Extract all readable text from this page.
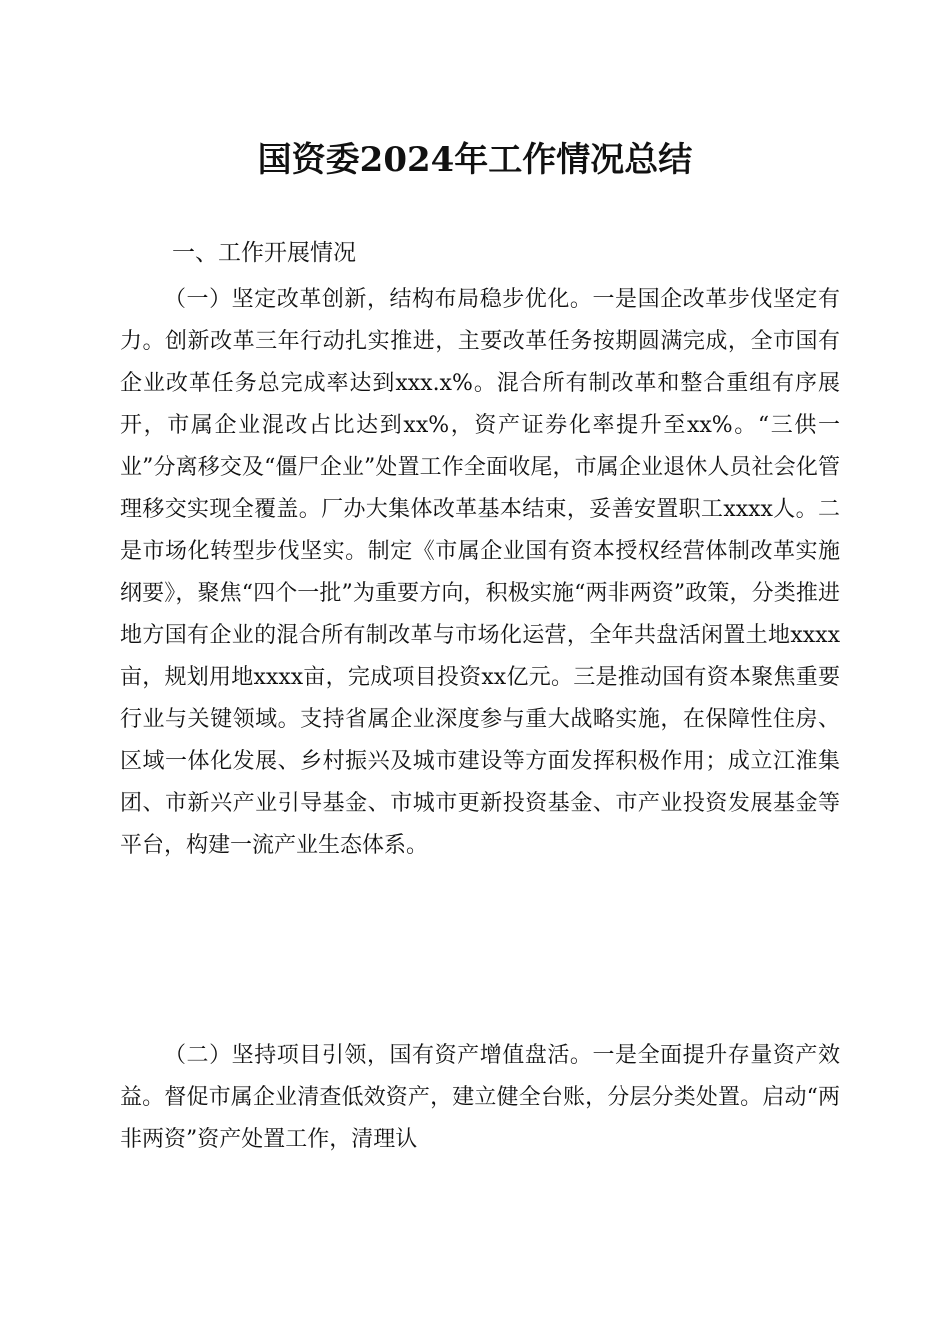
国资委2024年工作情况总结
一、工作开展情况

（一）坚定改革创新，结构布局稳步优化。一是国企改革步伐坚定有力。创新改革三年行动扎实推进，主要改革任务按期圆满完成，全市国有企业改革任务总完成率达到xxx.x%。混合所有制改革和整合重组有序展开，市属企业混改占比达到xx%，资产证券化率提升至xx%。“三供一业”分离移交及“僵尸企业”处置工作全面收尾，市属企业退休人员社会化管理移交实现全覆盖。厂办大集体改革基本结束，妥善安置职工xxxx人。二是市场化转型步伐坚实。制定《市属企业国有资本授权经营体制改革实施纲要》，聚焦“四个一批”为重要方向，积极实施“两非两资”政策，分类推进地方国有企业的混合所有制改革与市场化运营，全年共盘活闲置土地xxxx亩，规划用地xxxx亩，完成项目投资xx亿元。三是推动国有资本聚焦重要行业与关键领域。支持省属企业深度参与重大战略实施，在保障性住房、区域一体化发展、乡村振兴及城市建设等方面发挥积极作用；成立江淮集团、市新兴产业引导基金、市城市更新投资基金、市产业投资发展基金等平台，构建一流产业生态体系。

（二）坚持项目引领，国有资产增值盘活。一是全面提升存量资产效益。督促市属企业清查低效资产，建立健全台账，分层分类处置。启动“两非两资”资产处置工作，清理认
